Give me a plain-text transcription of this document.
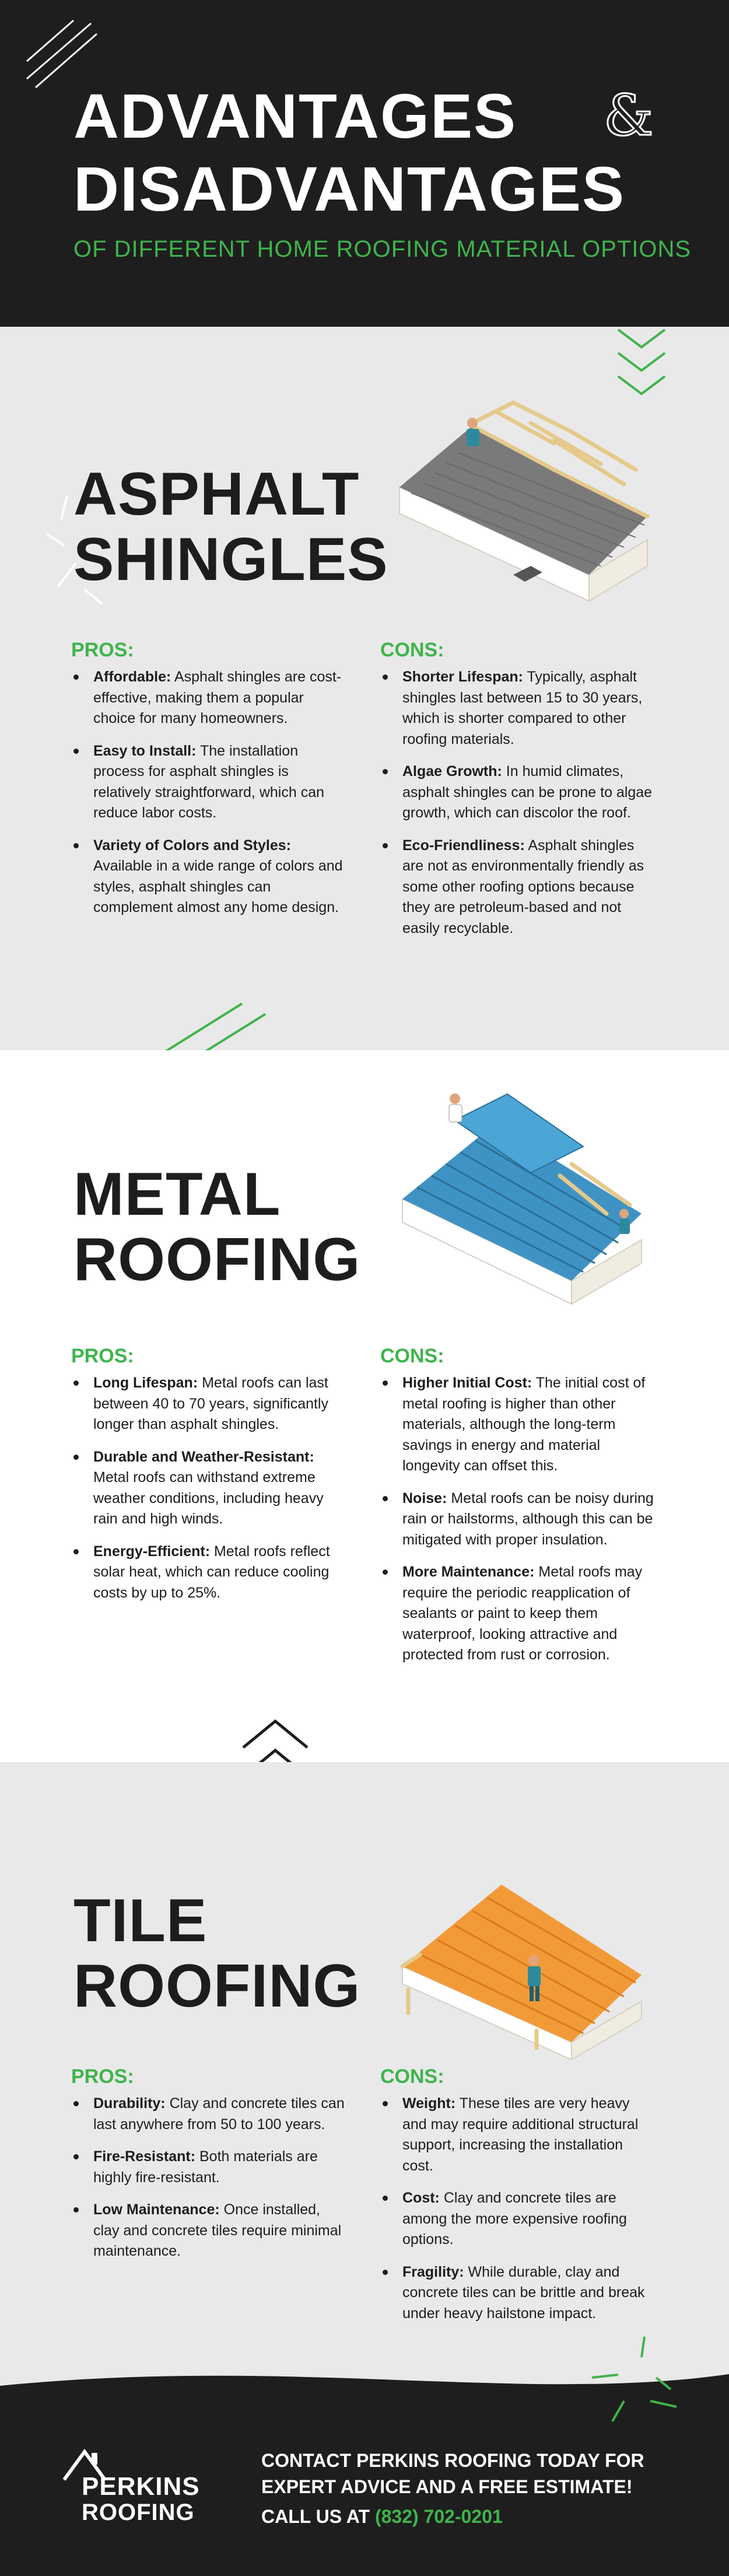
ADVANTAGES	&
DISADVANTAGES
OF DIFFERENT HOME ROOFING MATERIAL OPTIONS
ASPHALT
SHINGLES
PROS:	CONS:
Affordable: Asphalt shingles are cost-effective, making them a popular choice for many homeowners.
Easy to Install: The installation process for asphalt shingles is relatively straightforward, which can reduce labor costs.
Variety of Colors and Styles: Available in a wide range of colors and styles, asphalt shingles can complement almost any home design.
Shorter Lifespan: Typically, asphalt shingles last between 15 to 30 years, which is shorter compared to other roofing materials.
Algae Growth: In humid climates, asphalt shingles can be prone to algae growth, which can discolor the roof.
Eco-Friendliness: Asphalt shingles are not as environmentally friendly as some other roofing options because they are petroleum-based and not easily recyclable.
METAL
ROOFING
PROS:	CONS:
Long Lifespan: Metal roofs can last between 40 to 70 years, significantly longer than asphalt shingles.
Durable and Weather-Resistant: Metal roofs can withstand extreme weather conditions, including heavy rain and high winds.
Energy-Efficient: Metal roofs reflect solar heat, which can reduce cooling costs by up to 25%.
Higher Initial Cost: The initial cost of metal roofing is higher than other materials, although the long-term savings in energy and material longevity can offset this.
Noise: Metal roofs can be noisy during rain or hailstorms, although this can be mitigated with proper insulation.
More Maintenance: Metal roofs may require the periodic reapplication of sealants or paint to keep them waterproof, looking attractive and protected from rust or corrosion.
TILE
ROOFING
PROS:	CONS:
Durability: Clay and concrete tiles can last anywhere from 50 to 100 years.
Fire-Resistant: Both materials are highly fire-resistant.
Low Maintenance: Once installed, clay and concrete tiles require minimal maintenance.
Weight: These tiles are very heavy and may require additional structural support, increasing the installation cost.
Cost: Clay and concrete tiles are among the more expensive roofing options.
Fragility: While durable, clay and concrete tiles can be brittle and break under heavy hailstone impact.
PERKINS
ROOFING
CONTACT PERKINS ROOFING TODAY FOR
EXPERT ADVICE AND A FREE ESTIMATE!
CALL US AT (832) 702-0201
